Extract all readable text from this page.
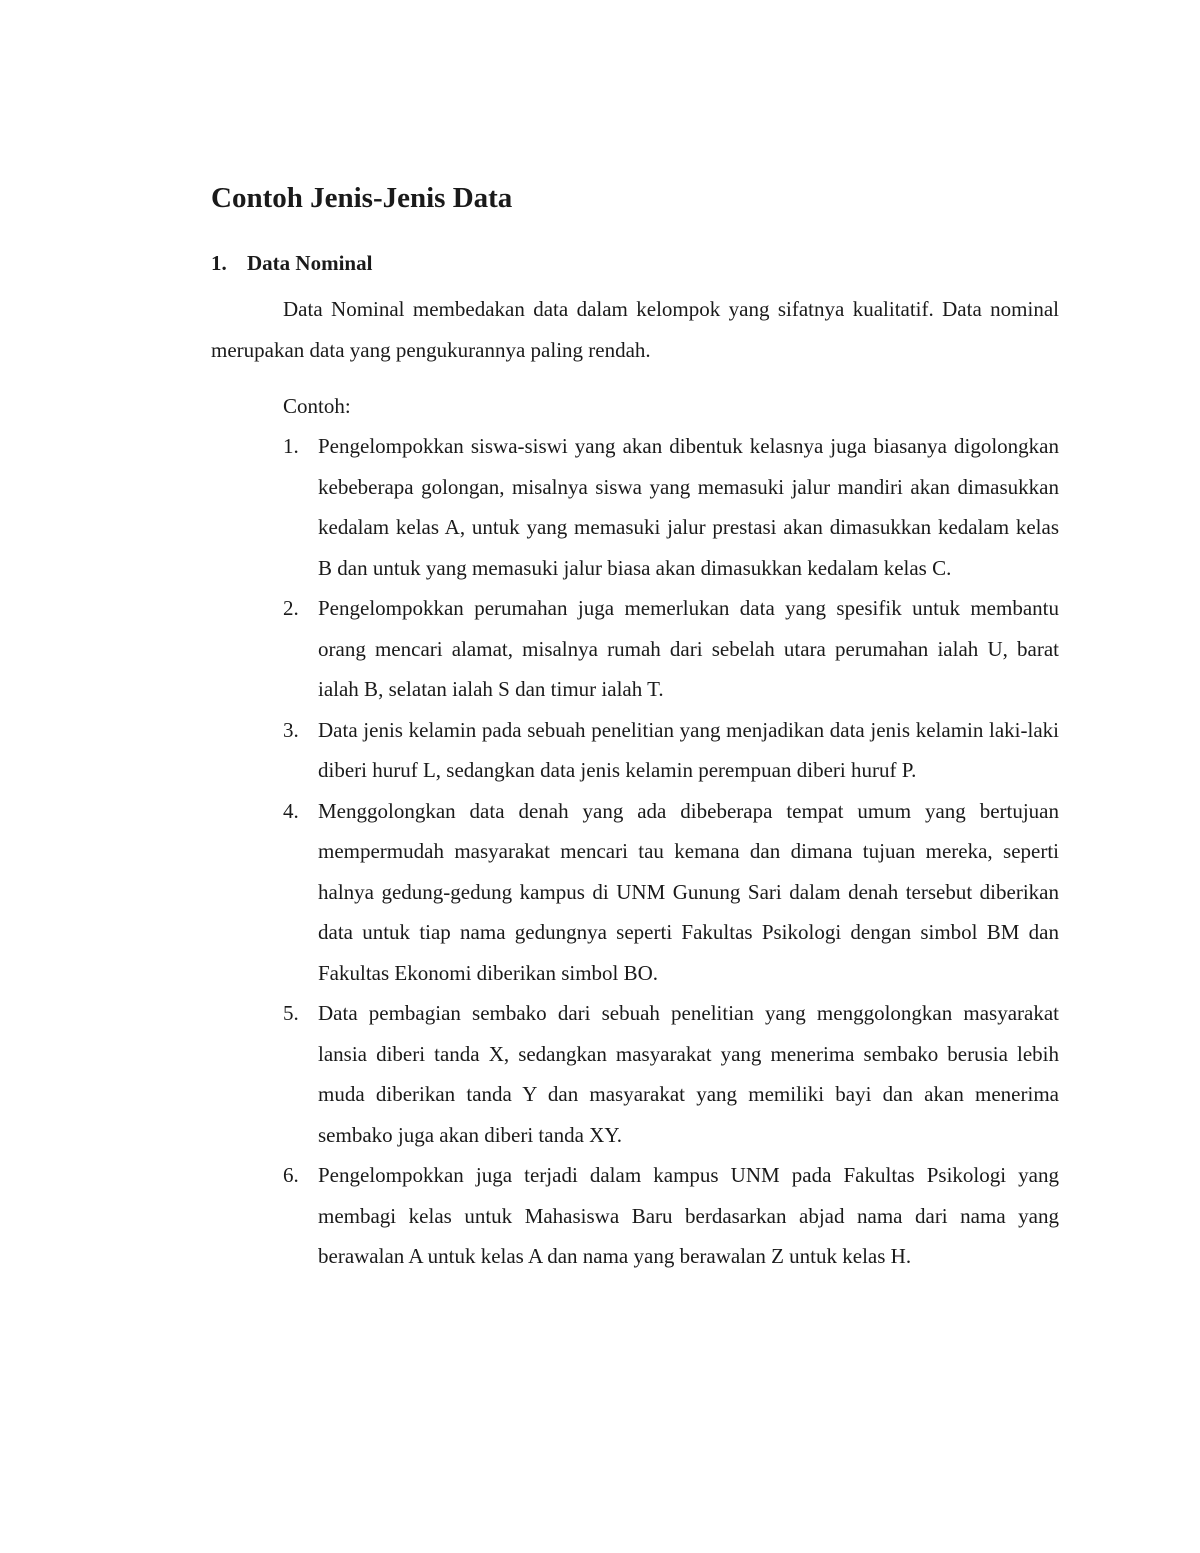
Contoh Jenis-Jenis Data
1. Data Nominal

Data Nominal membedakan data dalam kelompok yang sifatnya kualitatif. Data nominal merupakan data yang pengukurannya paling rendah.

Contoh:

1. Pengelompokkan siswa-siswi yang akan dibentuk kelasnya juga biasanya digolongkan kebeberapa golongan, misalnya siswa yang memasuki jalur mandiri akan dimasukkan kedalam kelas A, untuk yang memasuki jalur prestasi akan dimasukkan kedalam kelas B dan untuk yang memasuki jalur biasa akan dimasukkan kedalam kelas C.
2. Pengelompokkan perumahan juga memerlukan data yang spesifik untuk membantu orang mencari alamat, misalnya rumah dari sebelah utara perumahan ialah U, barat ialah B, selatan ialah S dan timur ialah T.
3. Data jenis kelamin pada sebuah penelitian yang menjadikan data jenis kelamin laki-laki diberi huruf L, sedangkan data jenis kelamin perempuan diberi huruf P.
4. Menggolongkan data denah yang ada dibeberapa tempat umum yang bertujuan mempermudah masyarakat mencari tau kemana dan dimana tujuan mereka, seperti halnya gedung-gedung kampus di UNM Gunung Sari dalam denah tersebut diberikan data untuk tiap nama gedungnya seperti Fakultas Psikologi dengan simbol BM dan Fakultas Ekonomi diberikan simbol BO.
5. Data pembagian sembako dari sebuah penelitian yang menggolongkan masyarakat lansia diberi tanda X, sedangkan masyarakat yang menerima sembako berusia lebih muda diberikan tanda Y dan masyarakat yang memiliki bayi dan akan menerima sembako juga akan diberi tanda XY.
6. Pengelompokkan juga terjadi dalam kampus UNM pada Fakultas Psikologi yang membagi kelas untuk Mahasiswa Baru berdasarkan abjad nama dari nama yang berawalan A untuk kelas A dan nama yang berawalan Z untuk kelas H.
